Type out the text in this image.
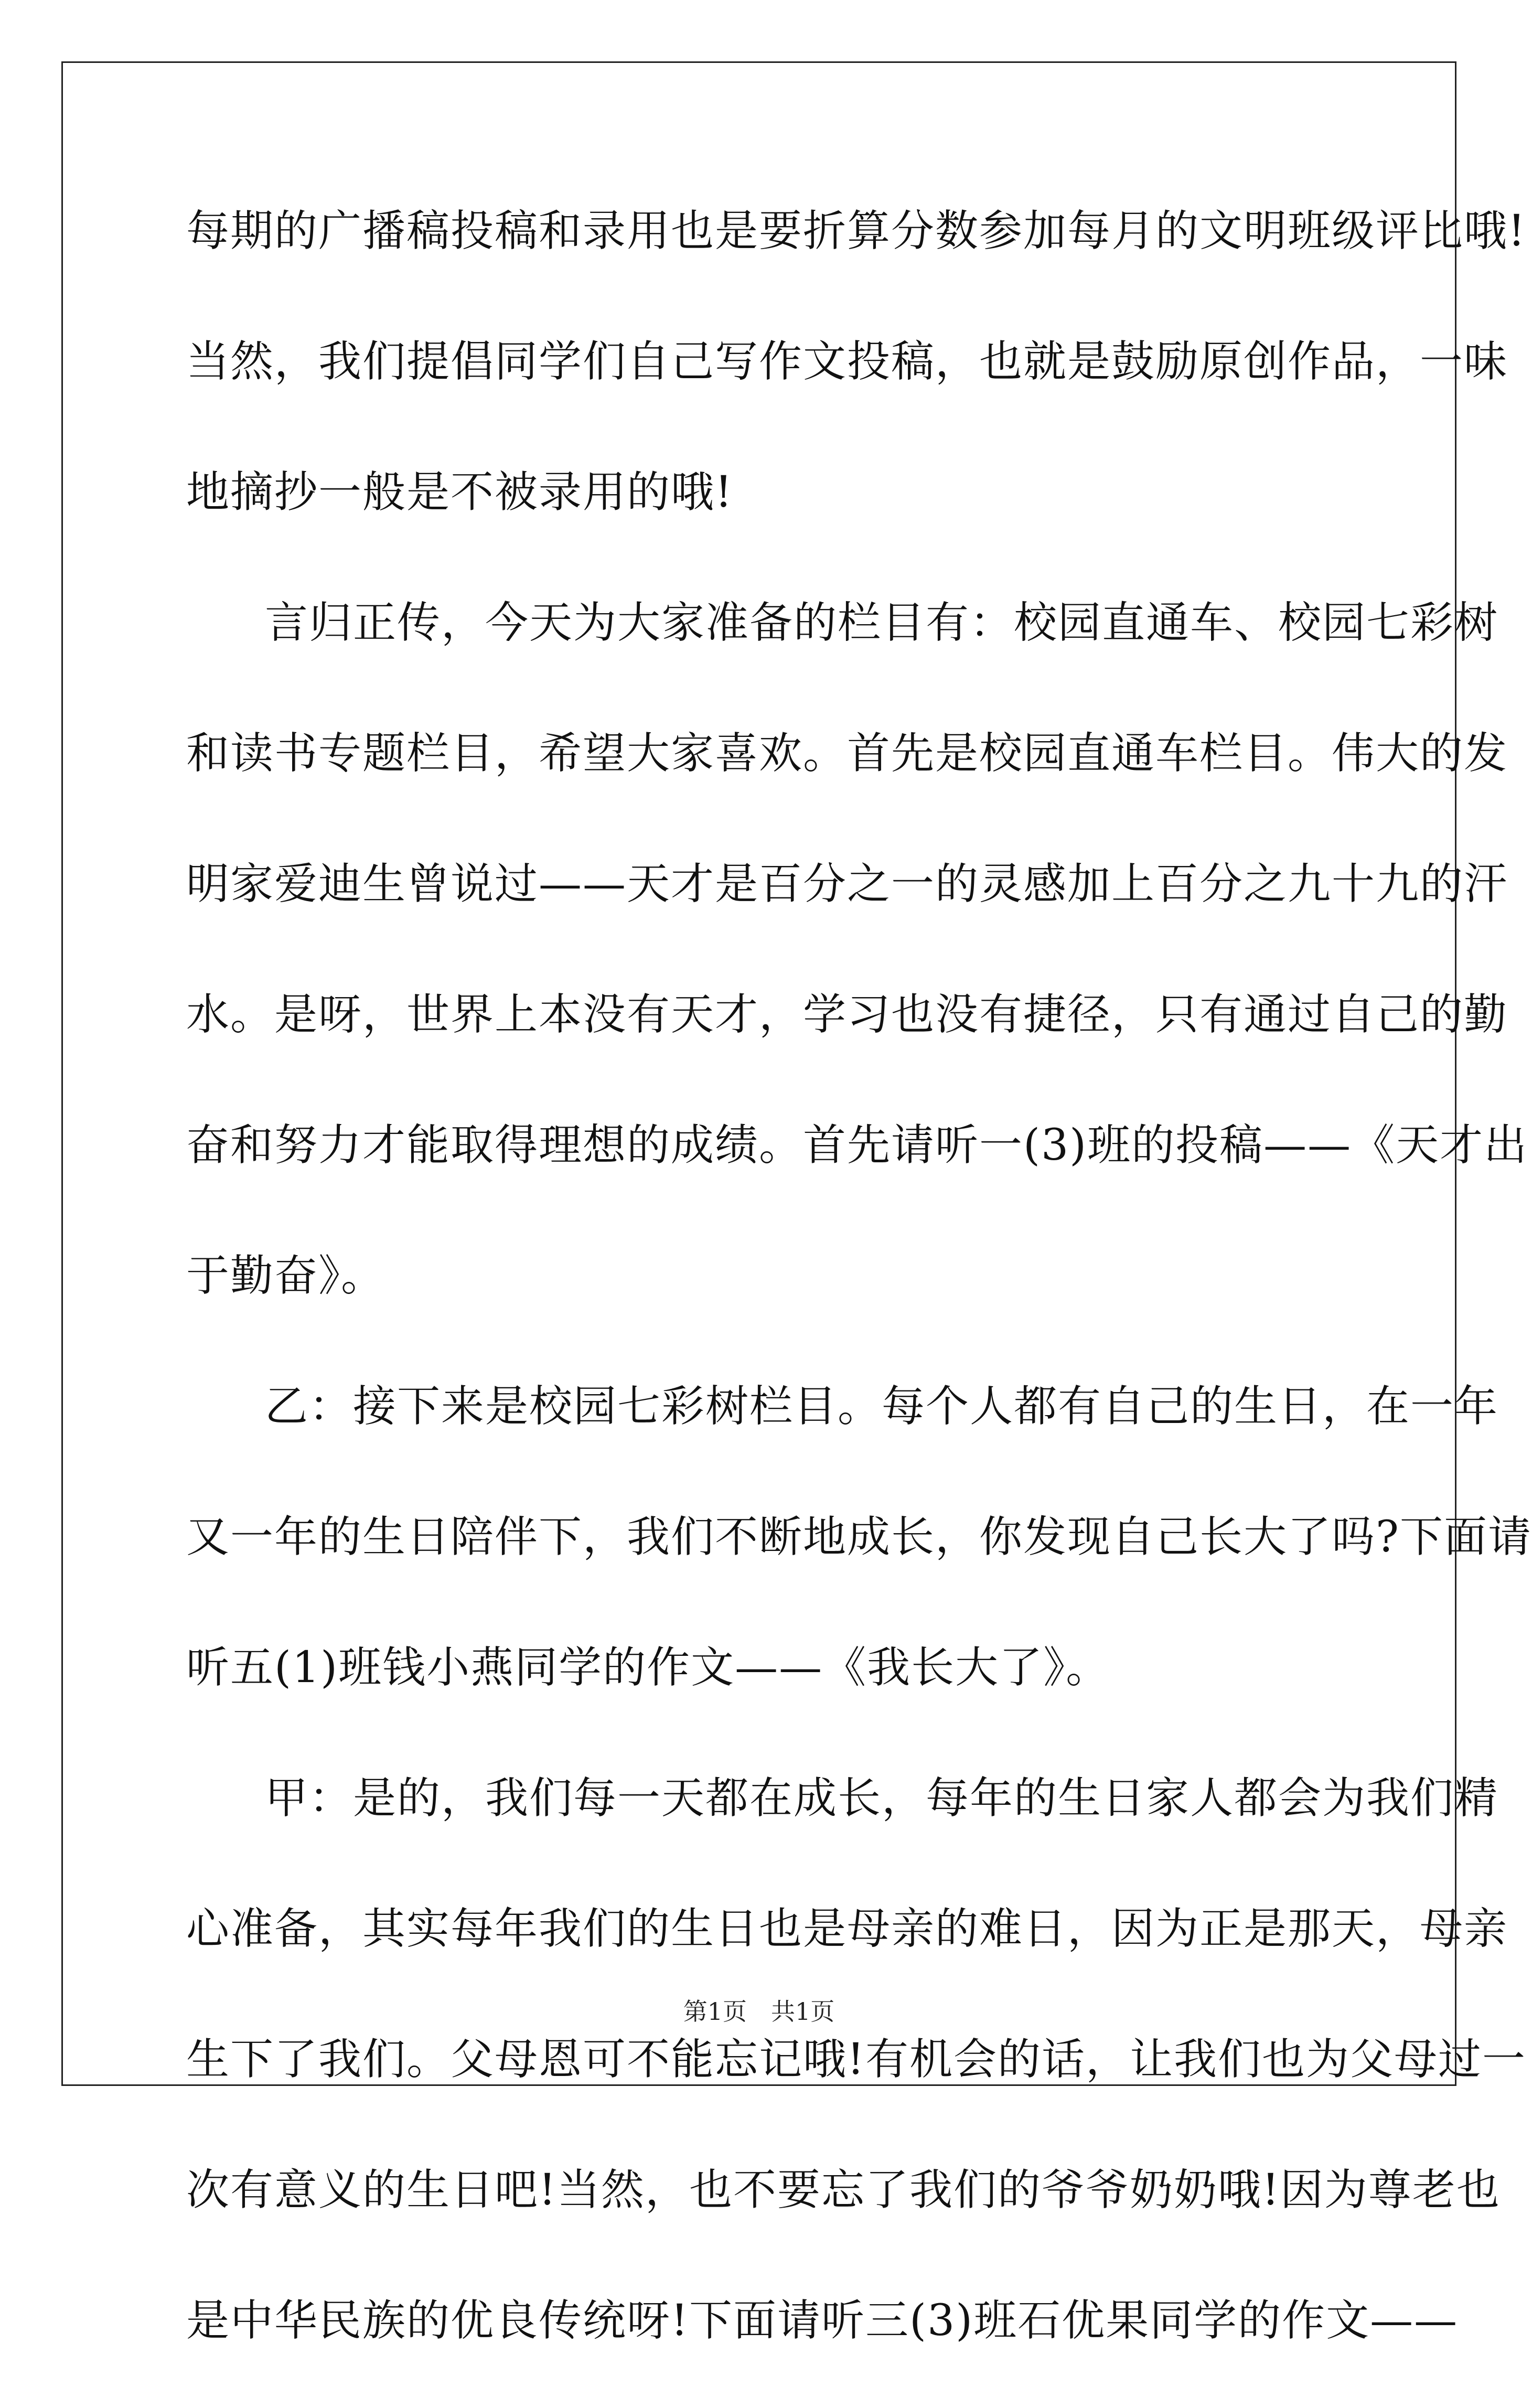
每期的广播稿投稿和录用也是要折算分数参加每月的文明班级评比哦!
当然，我们提倡同学们自己写作文投稿，也就是鼓励原创作品，一味
地摘抄一般是不被录用的哦!
言归正传，今天为大家准备的栏目有：校园直通车、校园七彩树
和读书专题栏目，希望大家喜欢。首先是校园直通车栏目。伟大的发
明家爱迪生曾说过——天才是百分之一的灵感加上百分之九十九的汗
水。是呀，世界上本没有天才，学习也没有捷径，只有通过自己的勤
奋和努力才能取得理想的成绩。首先请听一(3)班的投稿——《天才出
于勤奋》。
乙：接下来是校园七彩树栏目。每个人都有自己的生日，在一年
又一年的生日陪伴下，我们不断地成长，你发现自己长大了吗?下面请
听五(1)班钱小燕同学的作文——《我长大了》。
甲：是的，我们每一天都在成长，每年的生日家人都会为我们精
心准备，其实每年我们的生日也是母亲的难日，因为正是那天，母亲
生下了我们。父母恩可不能忘记哦!有机会的话，让我们也为父母过一
次有意义的生日吧!当然，也不要忘了我们的爷爷奶奶哦!因为尊老也
是中华民族的优良传统呀!下面请听三(3)班石优果同学的作文——
第1页　共1页
